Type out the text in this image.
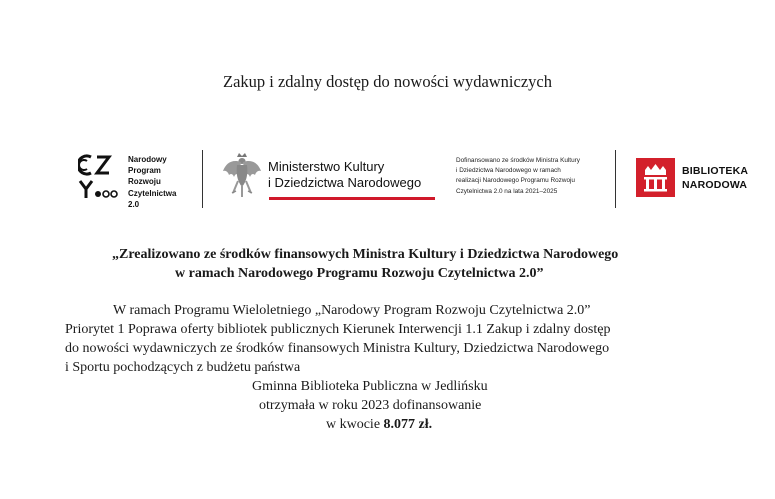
Zakup i zdalny dostęp do nowości wydawniczych
Narodowy
Program
Rozwoju
Czytelnictwa
2.0
Ministerstwo Kultury
i Dziedzictwa Narodowego
Dofinansowano ze środków Ministra Kultury
i Dziedzictwa Narodowego w ramach
realizacji Narodowego Programu Rozwoju
Czytelnictwa 2.0 na lata 2021–2025
BIBLIOTEKA
NARODOWA
„Zrealizowano ze środków finansowych Ministra Kultury i Dziedzictwa Narodowego
w ramach Narodowego Programu Rozwoju Czytelnictwa 2.0”
W ramach Programu Wieloletniego „Narodowy Program Rozwoju Czytelnictwa 2.0”
Priorytet 1 Poprawa oferty bibliotek publicznych Kierunek Interwencji 1.1 Zakup i zdalny dostęp
do nowości wydawniczych ze środków finansowych Ministra Kultury, Dziedzictwa Narodowego
i Sportu pochodzących z budżetu państwa
Gminna Biblioteka Publiczna w Jedlińsku
otrzymała w roku 2023 dofinansowanie
w kwocie 8.077 zł.
